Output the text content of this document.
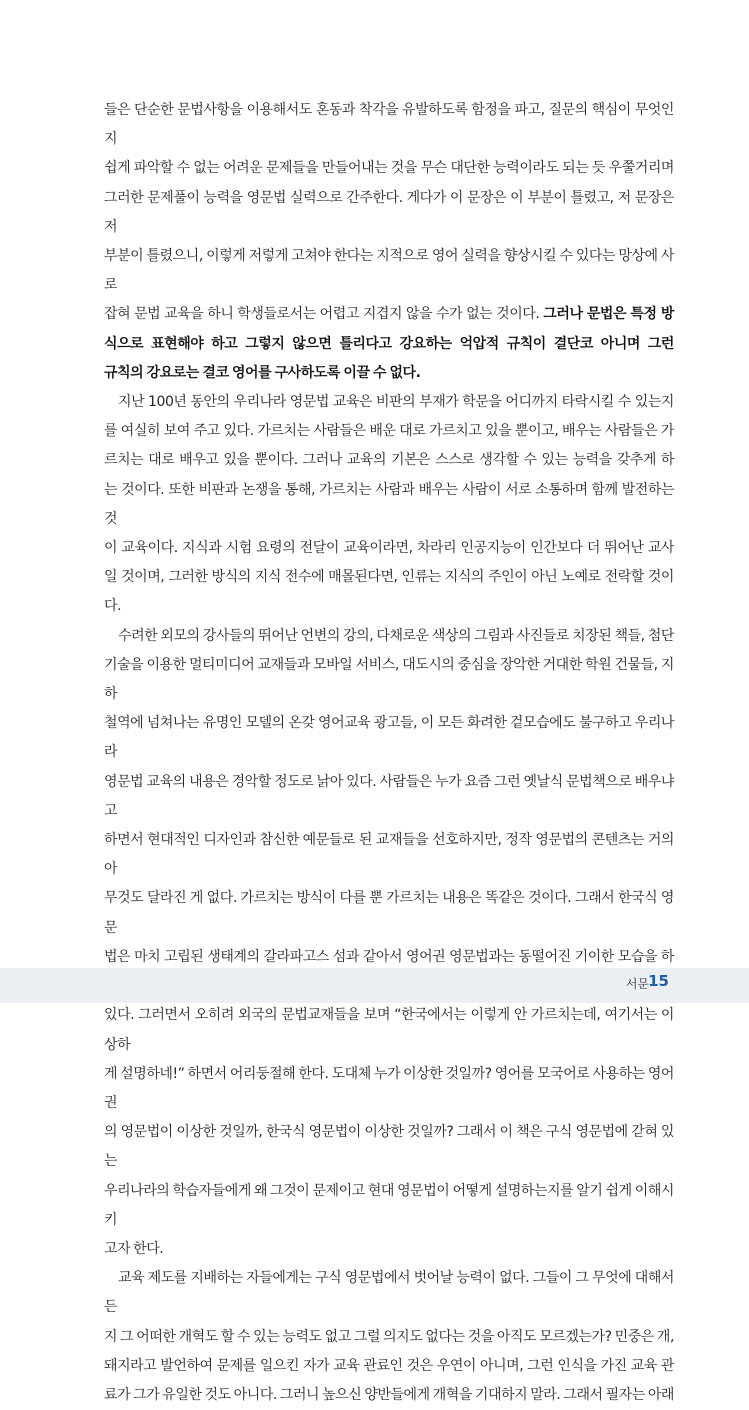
들은 단순한 문법사항을 이용해서도 혼동과 착각을 유발하도록 함정을 파고, 질문의 핵심이 무엇인지
쉽게 파악할 수 없는 어려운 문제들을 만들어내는 것을 무슨 대단한 능력이라도 되는 듯 우쭐거리며
그러한 문제풀이 능력을 영문법 실력으로 간주한다. 게다가 이 문장은 이 부분이 틀렸고, 저 문장은 저
부분이 틀렸으니, 이렇게 저렇게 고쳐야 한다는 지적으로 영어 실력을 향상시킬 수 있다는 망상에 사로
잡혀 문법 교육을 하니 학생들로서는 어렵고 지겹지 않을 수가 없는 것이다. 그러나 문법은 특정 방
식으로 표현해야 하고 그렇지 않으면 틀리다고 강요하는 억압적 규칙이 결단코 아니며 그런
규칙의 강요로는 결코 영어를 구사하도록 이끌 수 없다.

지난 100년 동안의 우리나라 영문법 교육은 비판의 부재가 학문을 어디까지 타락시킬 수 있는지
를 여실히 보여 주고 있다. 가르치는 사람들은 배운 대로 가르치고 있을 뿐이고, 배우는 사람들은 가
르치는 대로 배우고 있을 뿐이다. 그러나 교육의 기본은 스스로 생각할 수 있는 능력을 갖추게 하
는 것이다. 또한 비판과 논쟁을 통해, 가르치는 사람과 배우는 사람이 서로 소통하며 함께 발전하는 것
이 교육이다. 지식과 시험 요령의 전달이 교육이라면, 차라리 인공지능이 인간보다 더 뛰어난 교사
일 것이며, 그러한 방식의 지식 전수에 매몰된다면, 인류는 지식의 주인이 아닌 노예로 전락할 것이다.

수려한 외모의 강사들의 뛰어난 언변의 강의, 다채로운 색상의 그림과 사진들로 치장된 책들, 첨단
기술을 이용한 멀티미디어 교재들과 모바일 서비스, 대도시의 중심을 장악한 거대한 학원 건물들, 지하
철역에 넘쳐나는 유명인 모델의 온갖 영어교육 광고들, 이 모든 화려한 겉모습에도 불구하고 우리나라
영문법 교육의 내용은 경악할 정도로 낡아 있다. 사람들은 누가 요즘 그런 옛날식 문법책으로 배우냐고
하면서 현대적인 디자인과 참신한 예문들로 된 교재들을 선호하지만, 정작 영문법의 콘텐츠는 거의 아
무것도 달라진 게 없다. 가르치는 방식이 다를 뿐 가르치는 내용은 똑같은 것이다. 그래서 한국식 영문
법은 마치 고립된 생태계의 갈라파고스 섬과 같아서 영어권 영문법과는 동떨어진 기이한 모습을 하
있다. 그러면서 오히려 외국의 문법교재들을 보며 “한국에서는 이렇게 안 가르치는데, 여기서는 이상하
게 설명하네!” 하면서 어리둥절해 한다. 도대체 누가 이상한 것일까? 영어를 모국어로 사용하는 영어권
의 영문법이 이상한 것일까, 한국식 영문법이 이상한 것일까? 그래서 이 책은 구식 영문법에 갇혀 있는
우리나라의 학습자들에게 왜 그것이 문제이고 현대 영문법이 어떻게 설명하는지를 알기 쉽게 이해시키
고자 한다.

교육 제도를 지배하는 자들에게는 구식 영문법에서 벗어날 능력이 없다. 그들이 그 무엇에 대해서든
지 그 어떠한 개혁도 할 수 있는 능력도 없고 그럴 의지도 없다는 것을 아직도 모르겠는가? 민중은 개,
돼지라고 발언하여 문제를 일으킨 자가 교육 관료인 것은 우연이 아니며, 그런 인식을 가진 교육 관
료가 그가 유일한 것도 아니다. 그러니 높으신 양반들에게 개혁을 기대하지 말라. 그래서 필자는 아래

서문 15
